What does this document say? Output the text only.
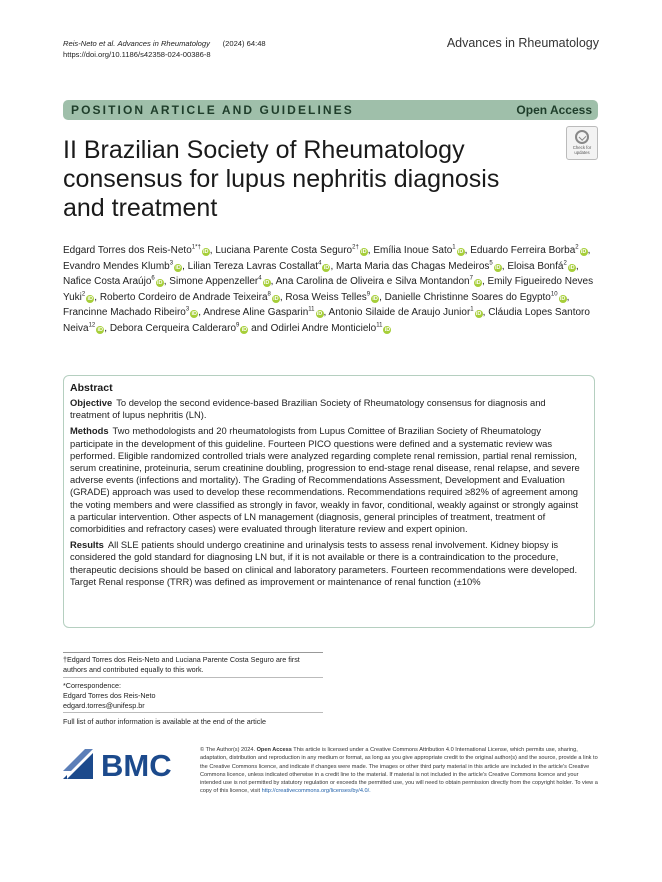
Reis-Neto et al. Advances in Rheumatology (2024) 64:48
https://doi.org/10.1186/s42358-024-00386-8
Advances in Rheumatology
POSITION ARTICLE AND GUIDELINES	Open Access
Check for
updates
II Brazilian Society of Rheumatology consensus for lupus nephritis diagnosis and treatment
Edgard Torres dos Reis-Neto$^{1*\dagger}$iD, Luciana Parente Costa Seguro$^{2\dagger}$iD, Emília Inoue Sato$^1$iD, Eduardo Ferreira Borba$^2$iD, Evandro Mendes Klumb$^3$iD, Lilian Tereza Lavras Costallat$^4$iD, Marta Maria das Chagas Medeiros$^5$iD, Eloisa Bonfá$^2$iD, Nafice Costa Araújo$^6$iD, Simone Appenzeller$^4$iD, Ana Carolina de Oliveira e Silva Montandon$^7$iD, Emily Figueiredo Neves Yuki$^2$iD, Roberto Cordeiro de Andrade Teixeira$^8$iD, Rosa Weiss Telles$^9$iD, Danielle Christinne Soares do Egypto$^{10}$iD, Francinne Machado Ribeiro$^3$iD, Andrese Aline Gasparin$^{11}$iD, Antonio Silaide de Araujo Junior$^1$iD, Cláudia Lopes Santoro Neiva$^{12}$iD, Debora Cerqueira Calderaro$^9$iD and Odirlei Andre Monticielo$^{11}$iD
Abstract

Objective To develop the second evidence-based Brazilian Society of Rheumatology consensus for diagnosis and treatment of lupus nephritis (LN).

Methods Two methodologists and 20 rheumatologists from Lupus Comittee of Brazilian Society of Rheumatology participate in the development of this guideline. Fourteen PICO questions were defined and a systematic review was performed. Eligible randomized controlled trials were analyzed regarding complete renal remission, partial renal remission, serum creatinine, proteinuria, serum creatinine doubling, progression to end-stage renal disease, renal relapse, and severe adverse events (infections and mortality). The Grading of Recommendations Assessment, Development and Evaluation (GRADE) approach was used to develop these recommendations. Recommendations required ≥82% of agreement among the voting members and were classified as strongly in favor, weakly in favor, conditional, weakly against or strongly against a particular intervention. Other aspects of LN management (diagnosis, general principles of treatment, treatment of comorbidities and refractory cases) were evaluated through literature review and expert opinion.

Results All SLE patients should undergo creatinine and urinalysis tests to assess renal involvement. Kidney biopsy is considered the gold standard for diagnosing LN but, if it is not available or there is a contraindication to the procedure, therapeutic decisions should be based on clinical and laboratory parameters. Fourteen recommendations were developed. Target Renal response (TRR) was defined as improvement or maintenance of renal function (±10%

†Edgard Torres dos Reis-Neto and Luciana Parente Costa Seguro are first authors and contributed equally to this work.
*Correspondence:
Edgard Torres dos Reis-Neto
edgard.torres@unifesp.br
Full list of author information is available at the end of the article
BMC	© The Author(s) 2024. Open Access This article is licensed under a Creative Commons Attribution 4.0 International License, which permits use, sharing, adaptation, distribution and reproduction in any medium or format, as long as you give appropriate credit to the original author(s) and the source, provide a link to the Creative Commons licence, and indicate if changes were made. The images or other third party material in this article are included in the article's Creative Commons licence, unless indicated otherwise in a credit line to the material. If material is not included in the article's Creative Commons licence and your intended use is not permitted by statutory regulation or exceeds the permitted use, you will need to obtain permission directly from the copyright holder. To view a copy of this licence, visit http://creativecommons.org/licenses/by/4.0/.
